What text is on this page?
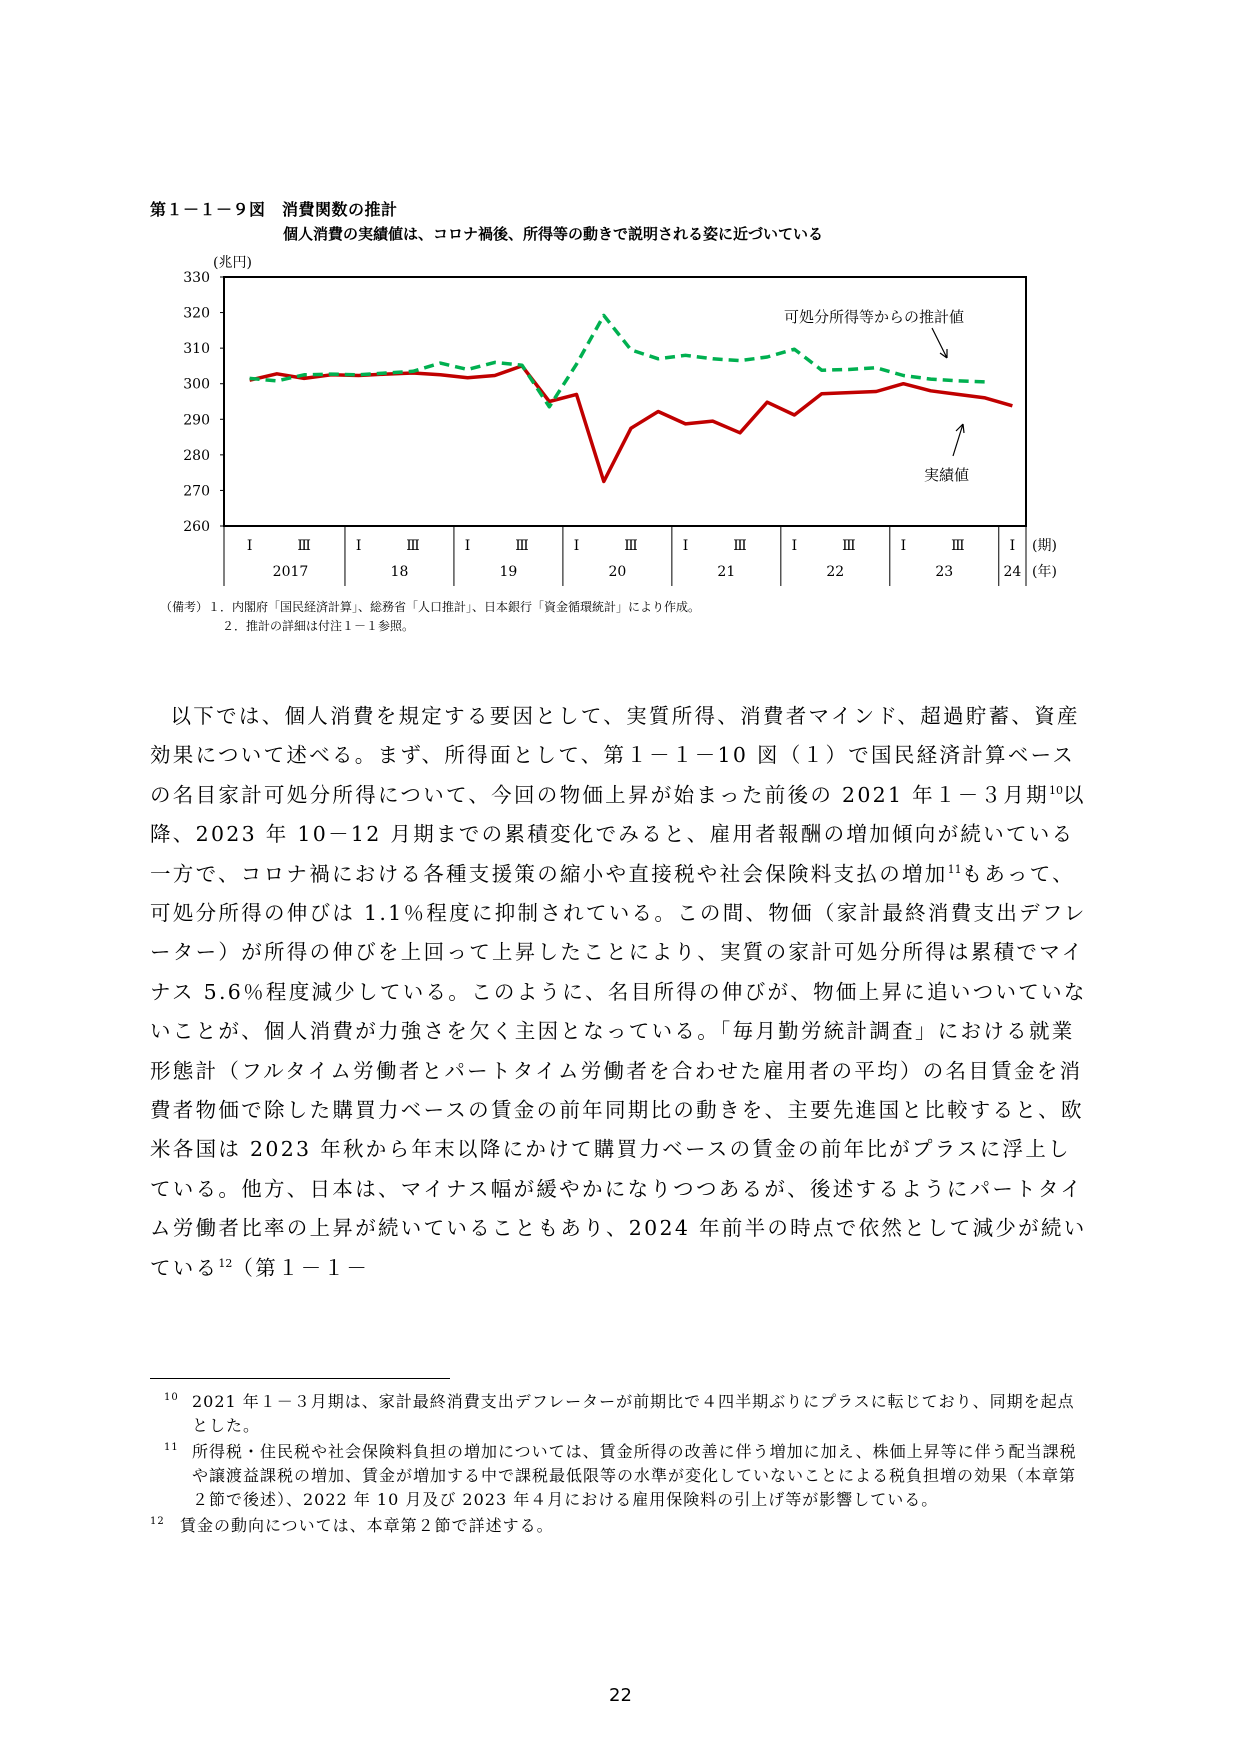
第１－１－９図　消費関数の推計
個人消費の実績値は、コロナ禍後、所得等の動きで説明される姿に近づいている
260
270
280
290
300
310
320
330
(兆円)
Ⅰ	Ⅲ
2017
Ⅰ	Ⅲ
18
Ⅰ	Ⅲ
19
Ⅰ	Ⅲ
20
Ⅰ	Ⅲ
21
Ⅰ	Ⅲ
22
Ⅰ	Ⅲ
23
Ⅰ
24
(期)
(年)
可処分所得等からの推計値
実績値
（備考）１．内閣府「国民経済計算」、総務省「人口推計」、日本銀行「資金循環統計」により作成。
２．推計の詳細は付注１－１参照。

以下では、個人消費を規定する要因として、実質所得、消費者マインド、超過貯蓄、資産効果について述べる。まず、所得面として、第１－１－10 図（１）で国民経済計算ベースの名目家計可処分所得について、今回の物価上昇が始まった前後の 2021 年１－３月期$^{10}$以降、2023 年 10－12 月期までの累積変化でみると、雇用者報酬の増加傾向が続いている一方で、コロナ禍における各種支援策の縮小や直接税や社会保険料支払の増加$^{11}$もあって、可処分所得の伸びは 1.1％程度に抑制されている。この間、物価（家計最終消費支出デフレーター）が所得の伸びを上回って上昇したことにより、実質の家計可処分所得は累積でマイナス 5.6％程度減少している。このように、名目所得の伸びが、物価上昇に追いついていないことが、個人消費が力強さを欠く主因となっている。「毎月勤労統計調査」における就業形態計（フルタイム労働者とパートタイム労働者を合わせた雇用者の平均）の名目賃金を消費者物価で除した購買力ベースの賃金の前年同期比の動きを、主要先進国と比較すると、欧米各国は 2023 年秋から年末以降にかけて購買力ベースの賃金の前年比がプラスに浮上している。他方、日本は、マイナス幅が緩やかになりつつあるが、後述するようにパートタイム労働者比率の上昇が続いていることもあり、2024 年前半の時点で依然として減少が続いている$^{12}$（第１－１－

10 2021 年１－３月期は、家計最終消費支出デフレーターが前期比で４四半期ぶりにプラスに転じており、同期を起点とした。
11 所得税・住民税や社会保険料負担の増加については、賃金所得の改善に伴う増加に加え、株価上昇等に伴う配当課税や譲渡益課税の増加、賃金が増加する中で課税最低限等の水準が変化していないことによる税負担増の効果（本章第２節で後述）、2022 年 10 月及び 2023 年４月における雇用保険料の引上げ等が影響している。
12 賃金の動向については、本章第２節で詳述する。
22
